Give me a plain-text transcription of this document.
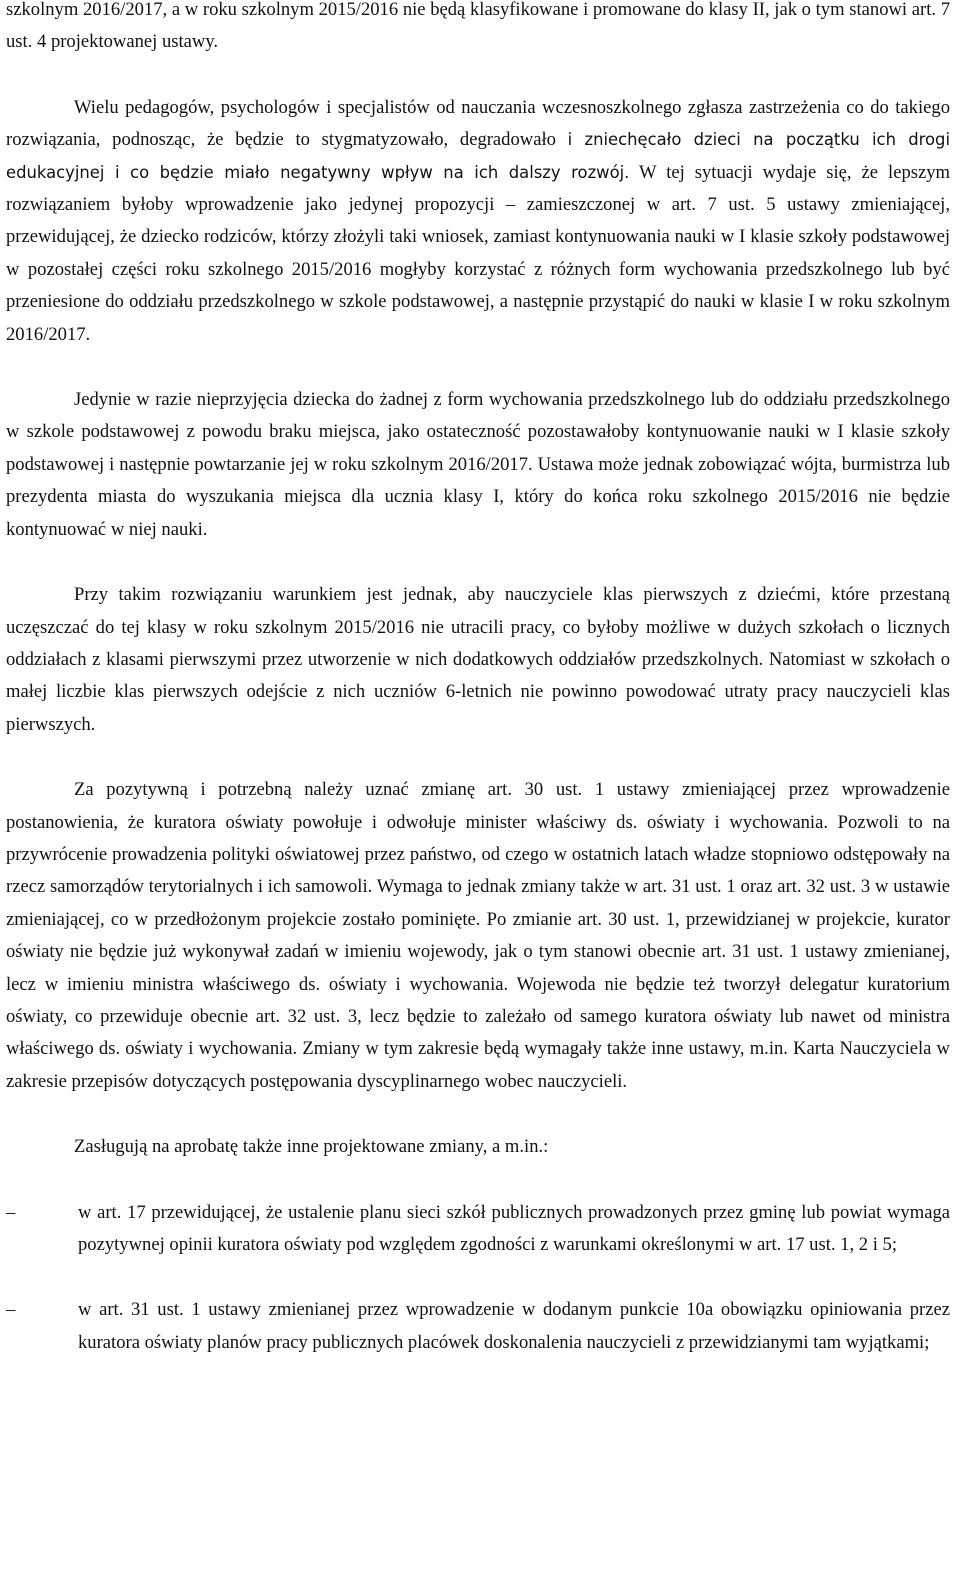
szkolnym 2016/2017, a w roku szkolnym 2015/2016 nie będą klasyfikowane i promowane do klasy II, jak o tym stanowi art. 7 ust. 4 projektowanej ustawy.

Wielu pedagogów, psychologów i specjalistów od nauczania wczesnoszkolnego zgłasza zastrzeżenia co do takiego rozwiązania, podnosząc, że będzie to stygmatyzowało, degradowało i zniechęcało dzieci na początku ich drogi edukacyjnej i co będzie miało negatywny wpływ na ich dalszy rozwój. W tej sytuacji wydaje się, że lepszym rozwiązaniem byłoby wprowadzenie jako jedynej propozycji – zamieszczonej w art. 7 ust. 5 ustawy zmieniającej, przewidującej, że dziecko rodziców, którzy złożyli taki wniosek, zamiast kontynuowania nauki w I klasie szkoły podstawowej w pozostałej części roku szkolnego 2015/2016 mogłyby korzystać z różnych form wychowania przedszkolnego lub być przeniesione do oddziału przedszkolnego w szkole podstawowej, a następnie przystąpić do nauki w klasie I w roku szkolnym 2016/2017.

Jedynie w razie nieprzyjęcia dziecka do żadnej z form wychowania przedszkolnego lub do oddziału przedszkolnego w szkole podstawowej z powodu braku miejsca, jako ostateczność pozostawałoby kontynuowanie nauki w I klasie szkoły podstawowej i następnie powtarzanie jej w roku szkolnym 2016/2017. Ustawa może jednak zobowiązać wójta, burmistrza lub prezydenta miasta do wyszukania miejsca dla ucznia klasy I, który do końca roku szkolnego 2015/2016 nie będzie kontynuować w niej nauki.

Przy takim rozwiązaniu warunkiem jest jednak, aby nauczyciele klas pierwszych z dziećmi, które przestaną uczęszczać do tej klasy w roku szkolnym 2015/2016 nie utracili pracy, co byłoby możliwe w dużych szkołach o licznych oddziałach z klasami pierwszymi przez utworzenie w nich dodatkowych oddziałów przedszkolnych. Natomiast w szkołach o małej liczbie klas pierwszych odejście z nich uczniów 6-letnich nie powinno powodować utraty pracy nauczycieli klas pierwszych.

Za pozytywną i potrzebną należy uznać zmianę art. 30 ust. 1 ustawy zmieniającej przez wprowadzenie postanowienia, że kuratora oświaty powołuje i odwołuje minister właściwy ds. oświaty i wychowania. Pozwoli to na przywrócenie prowadzenia polityki oświatowej przez państwo, od czego w ostatnich latach władze stopniowo odstępowały na rzecz samorządów terytorialnych i ich samowoli. Wymaga to jednak zmiany także w art. 31 ust. 1 oraz art. 32 ust. 3 w ustawie zmieniającej, co w przedłożonym projekcie zostało pominięte. Po zmianie art. 30 ust. 1, przewidzianej w projekcie, kurator oświaty nie będzie już wykonywał zadań w imieniu wojewody, jak o tym stanowi obecnie art. 31 ust. 1 ustawy zmienianej, lecz w imieniu ministra właściwego ds. oświaty i wychowania. Wojewoda nie będzie też tworzył delegatur kuratorium oświaty, co przewiduje obecnie art. 32 ust. 3, lecz będzie to zależało od samego kuratora oświaty lub nawet od ministra właściwego ds. oświaty i wychowania. Zmiany w tym zakresie będą wymagały także inne ustawy, m.in. Karta Nauczyciela w zakresie przepisów dotyczących postępowania dyscyplinarnego wobec nauczycieli.

Zasługują na aprobatę także inne projektowane zmiany, a m.in.:

–	w art. 17 przewidującej, że ustalenie planu sieci szkół publicznych prowadzonych przez gminę lub powiat wymaga pozytywnej opinii kuratora oświaty pod względem zgodności z warunkami określonymi w art. 17 ust. 1, 2 i 5;
–	w art. 31 ust. 1 ustawy zmienianej przez wprowadzenie w dodanym punkcie 10a obowiązku opiniowania przez kuratora oświaty planów pracy publicznych placówek doskonalenia nauczycieli z przewidzianymi tam wyjątkami;
